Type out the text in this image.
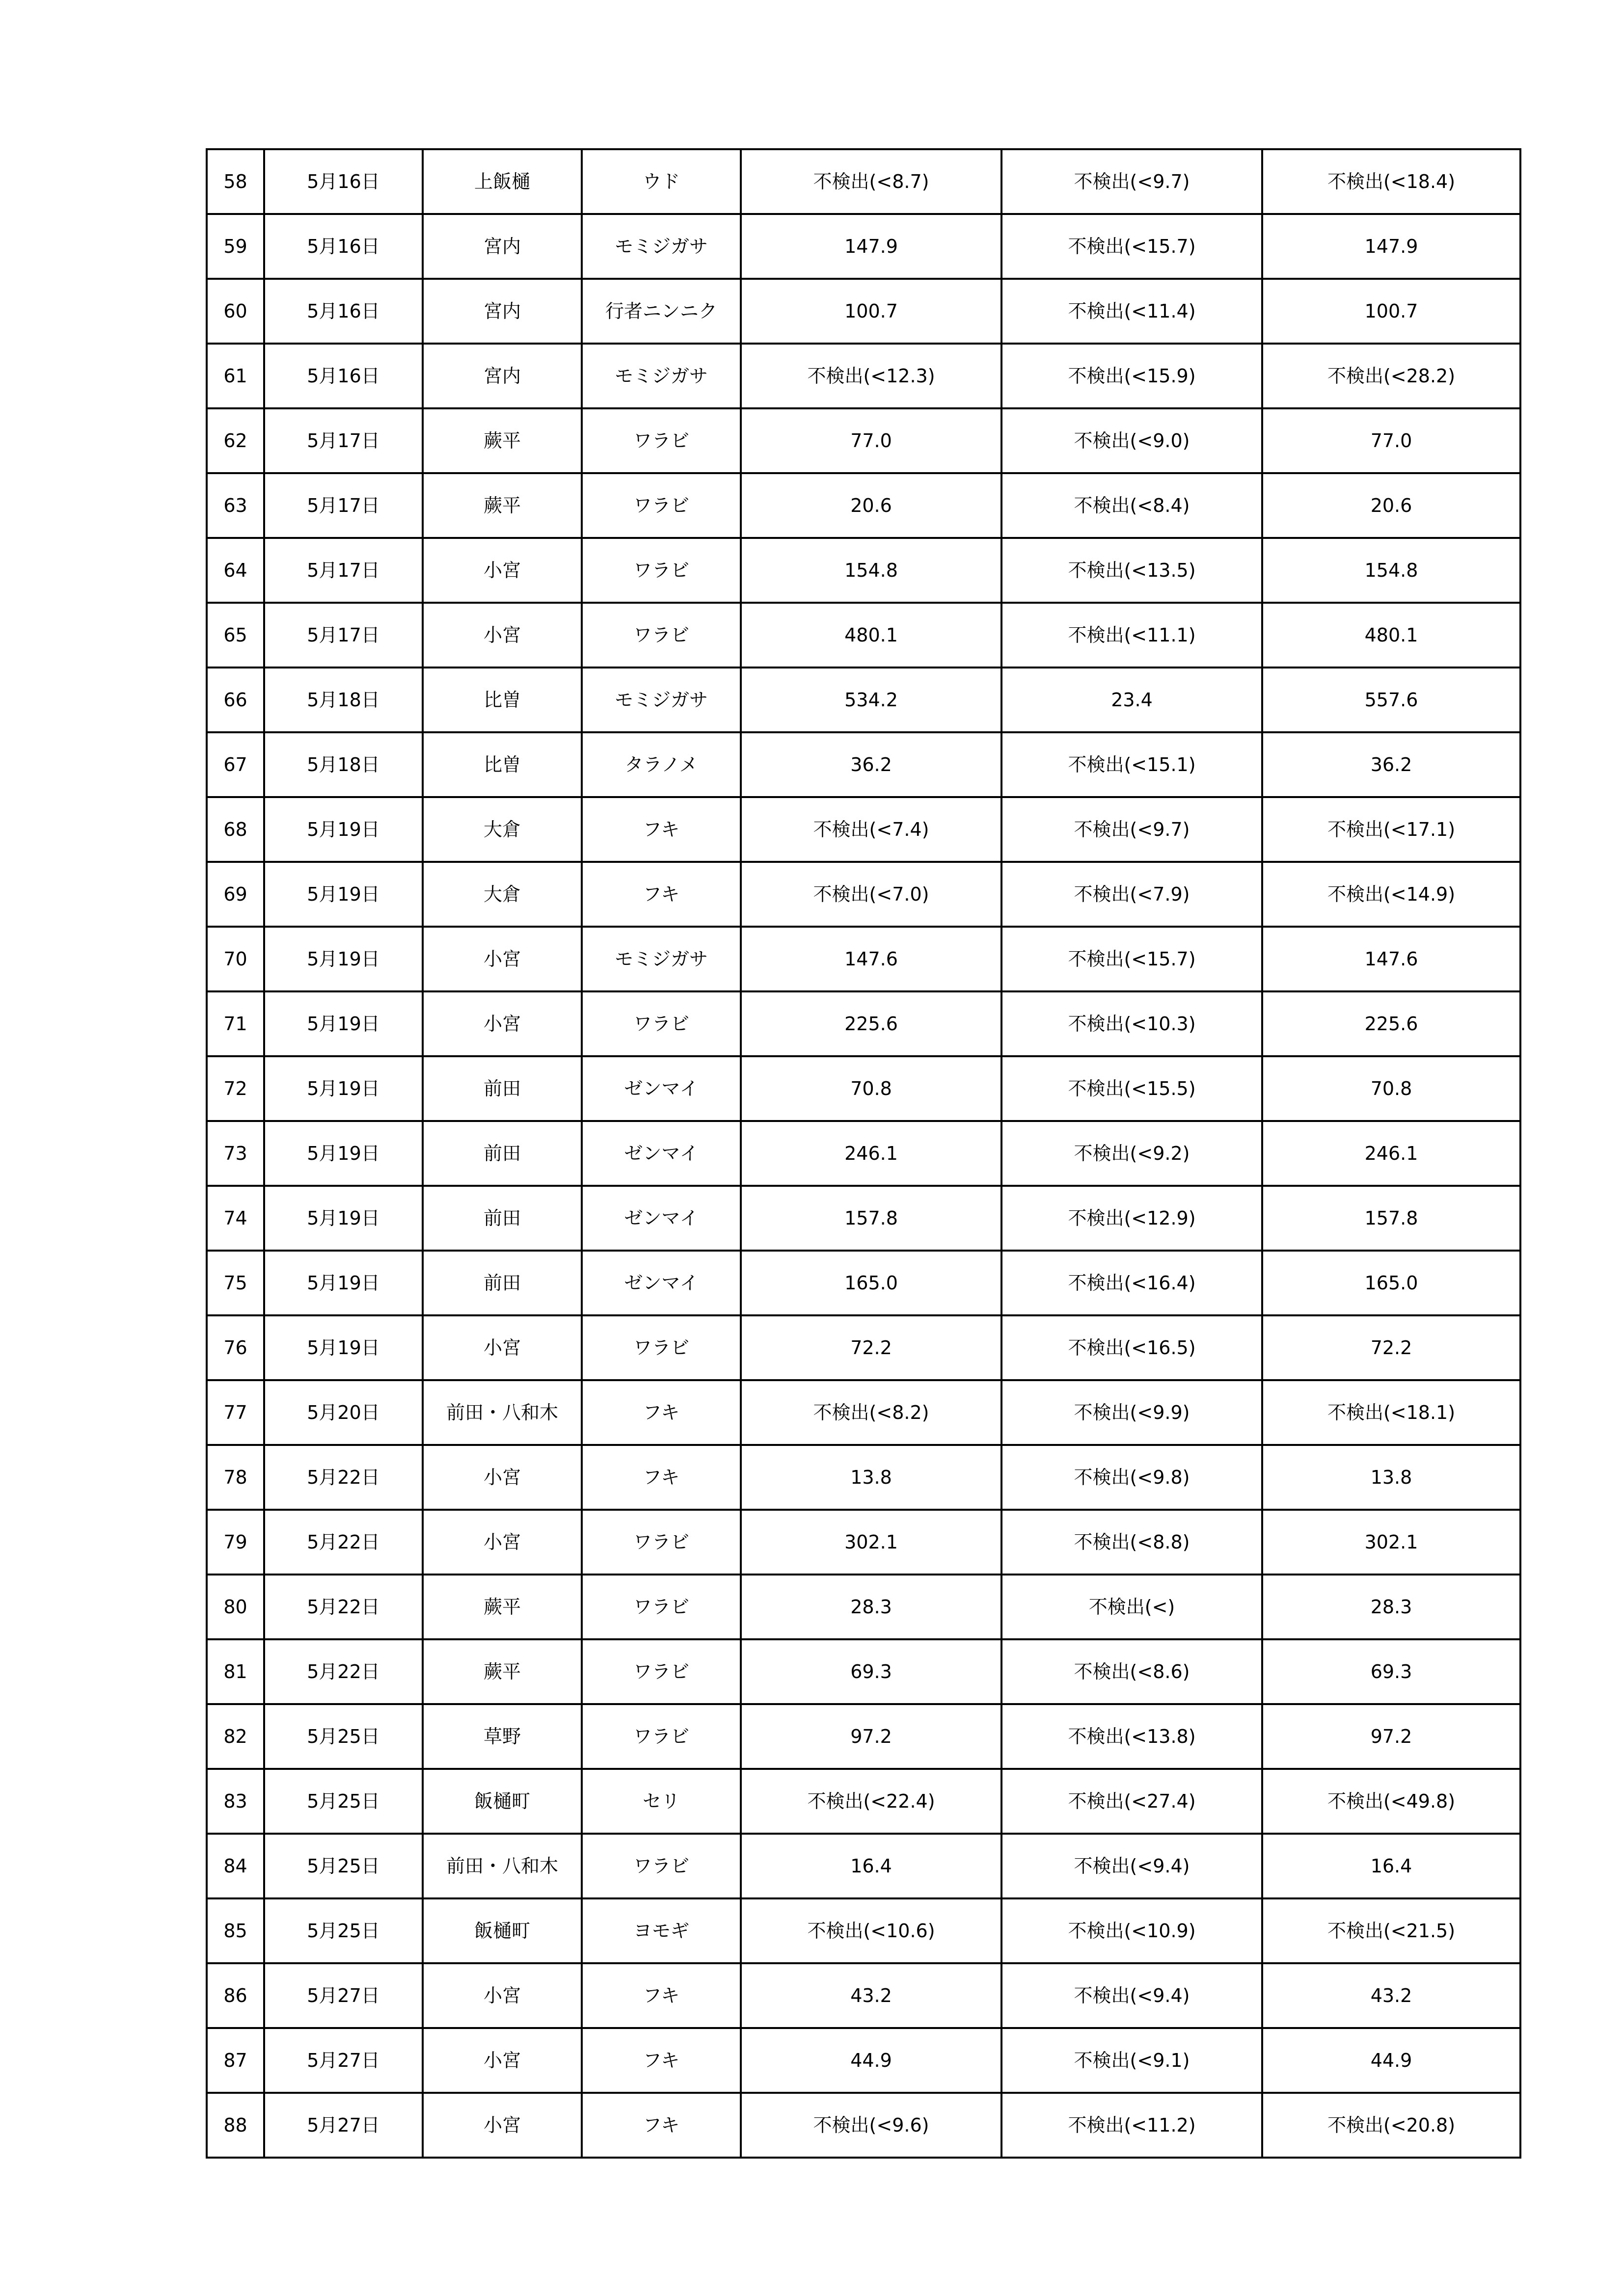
58	5月16日	上飯樋	ウド	不検出(<8.7)	不検出(<9.7)	不検出(<18.4)
59	5月16日	宮内	モミジガサ	147.9	不検出(<15.7)	147.9
60	5月16日	宮内	行者ニンニク	100.7	不検出(<11.4)	100.7
61	5月16日	宮内	モミジガサ	不検出(<12.3)	不検出(<15.9)	不検出(<28.2)
62	5月17日	蕨平	ワラビ	77.0	不検出(<9.0)	77.0
63	5月17日	蕨平	ワラビ	20.6	不検出(<8.4)	20.6
64	5月17日	小宮	ワラビ	154.8	不検出(<13.5)	154.8
65	5月17日	小宮	ワラビ	480.1	不検出(<11.1)	480.1
66	5月18日	比曽	モミジガサ	534.2	23.4	557.6
67	5月18日	比曽	タラノメ	36.2	不検出(<15.1)	36.2
68	5月19日	大倉	フキ	不検出(<7.4)	不検出(<9.7)	不検出(<17.1)
69	5月19日	大倉	フキ	不検出(<7.0)	不検出(<7.9)	不検出(<14.9)
70	5月19日	小宮	モミジガサ	147.6	不検出(<15.7)	147.6
71	5月19日	小宮	ワラビ	225.6	不検出(<10.3)	225.6
72	5月19日	前田	ゼンマイ	70.8	不検出(<15.5)	70.8
73	5月19日	前田	ゼンマイ	246.1	不検出(<9.2)	246.1
74	5月19日	前田	ゼンマイ	157.8	不検出(<12.9)	157.8
75	5月19日	前田	ゼンマイ	165.0	不検出(<16.4)	165.0
76	5月19日	小宮	ワラビ	72.2	不検出(<16.5)	72.2
77	5月20日	前田・八和木	フキ	不検出(<8.2)	不検出(<9.9)	不検出(<18.1)
78	5月22日	小宮	フキ	13.8	不検出(<9.8)	13.8
79	5月22日	小宮	ワラビ	302.1	不検出(<8.8)	302.1
80	5月22日	蕨平	ワラビ	28.3	不検出(<)	28.3
81	5月22日	蕨平	ワラビ	69.3	不検出(<8.6)	69.3
82	5月25日	草野	ワラビ	97.2	不検出(<13.8)	97.2
83	5月25日	飯樋町	セリ	不検出(<22.4)	不検出(<27.4)	不検出(<49.8)
84	5月25日	前田・八和木	ワラビ	16.4	不検出(<9.4)	16.4
85	5月25日	飯樋町	ヨモギ	不検出(<10.6)	不検出(<10.9)	不検出(<21.5)
86	5月27日	小宮	フキ	43.2	不検出(<9.4)	43.2
87	5月27日	小宮	フキ	44.9	不検出(<9.1)	44.9
88	5月27日	小宮	フキ	不検出(<9.6)	不検出(<11.2)	不検出(<20.8)
